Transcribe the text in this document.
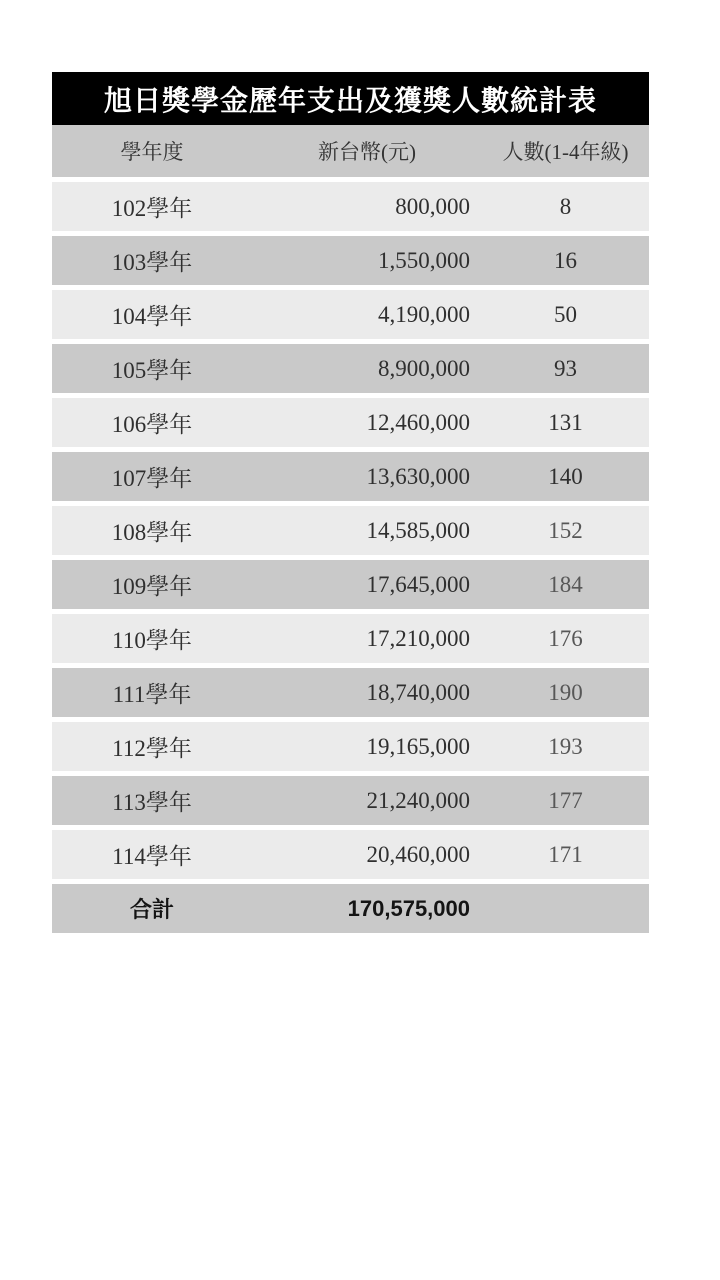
旭日獎學金歷年支出及獲獎人數統計表
學年度	新台幣(元)	人數(1-4年級)
102學年	800,000	8
103學年	1,550,000	16
104學年	4,190,000	50
105學年	8,900,000	93
106學年	12,460,000	131
107學年	13,630,000	140
108學年	14,585,000	152
109學年	17,645,000	184
110學年	17,210,000	176
111學年	18,740,000	190
112學年	19,165,000	193
113學年	21,240,000	177
114學年	20,460,000	171
合計	170,575,000
